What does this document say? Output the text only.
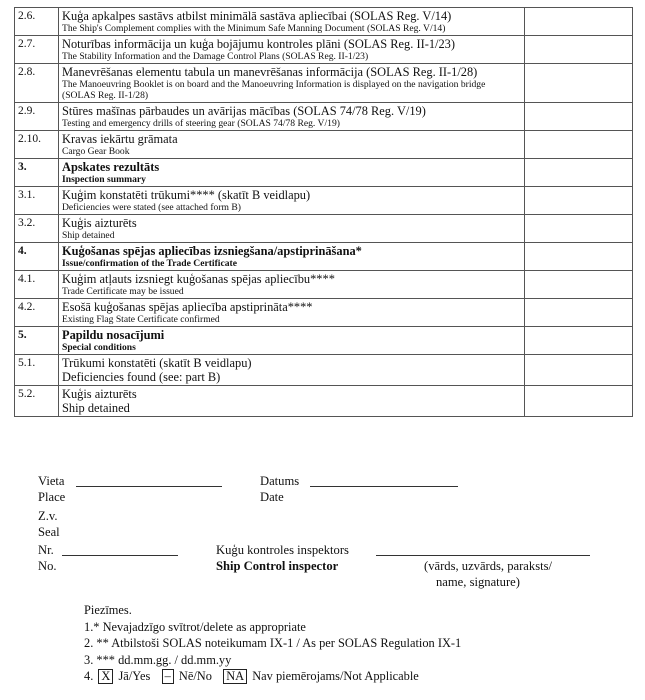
2.6.	Kuģa apkalpes sastāvs atbilst minimālā sastāva apliecībai (SOLAS Reg. V/14)
The Ship's Complement complies with the Minimum Safe Manning Document (SOLAS Reg. V/14)	

2.7.	Noturības informācija un kuģa bojājumu kontroles plāni (SOLAS Reg. II-1/23)
The Stability Information and the Damage Control Plans (SOLAS Reg. II-1/23)	

2.8.	Manevrēšanas elementu tabula un manevrēšanas informācija (SOLAS Reg. II-1/28)
The Manoeuvring Booklet is on board and the Manoeuvring Information is displayed on the navigation bridge (SOLAS Reg. II-1/28)	

2.9.	Stūres mašīnas pārbaudes un avārijas mācības (SOLAS 74/78 Reg. V/19)
Testing and emergency drills of steering gear (SOLAS 74/78 Reg. V/19)	

2.10.	Kravas iekārtu grāmata
Cargo Gear Book	

3.	Apskates rezultāts
Inspection summary	

3.1.	Kuģim konstatēti trūkumi**** (skatīt B veidlapu)
Deficiencies were stated (see attached form B)	

3.2.	Kuģis aizturēts
Ship detained	

4.	Kuģošanas spējas apliecības izsniegšana/apstiprināšana*
Issue/confirmation of the Trade Certificate	

4.1.	Kuģim atļauts izsniegt kuģošanas spējas apliecību****
Trade Certificate may be issued	

4.2.	Esošā kuģošanas spējas apliecība apstiprināta****
Existing Flag State Certificate confirmed	

5.	Papildu nosacījumi
Special conditions	

5.1.	Trūkumi konstatēti (skatīt B veidlapu)
Deficiencies found (see: part B)	

5.2.	Kuģis aizturēts
Ship detained	

Vieta
Place
Datums
Date
Z.v.
Seal
Nr.
No.
Kuģu kontroles inspektors
Ship Control inspector	(vārds, uzvārds, paraksts/
name, signature)
Piezīmes.
1.* Nevajadzīgo svītrot/delete as appropriate
2. ** Atbilstoši SOLAS noteikumam IX-1 / As per SOLAS Regulation IX-1
3. *** dd.mm.gg. / dd.mm.yy
4. X Jā/Yes – Nē/No NA Nav piemērojams/Not Applicable
